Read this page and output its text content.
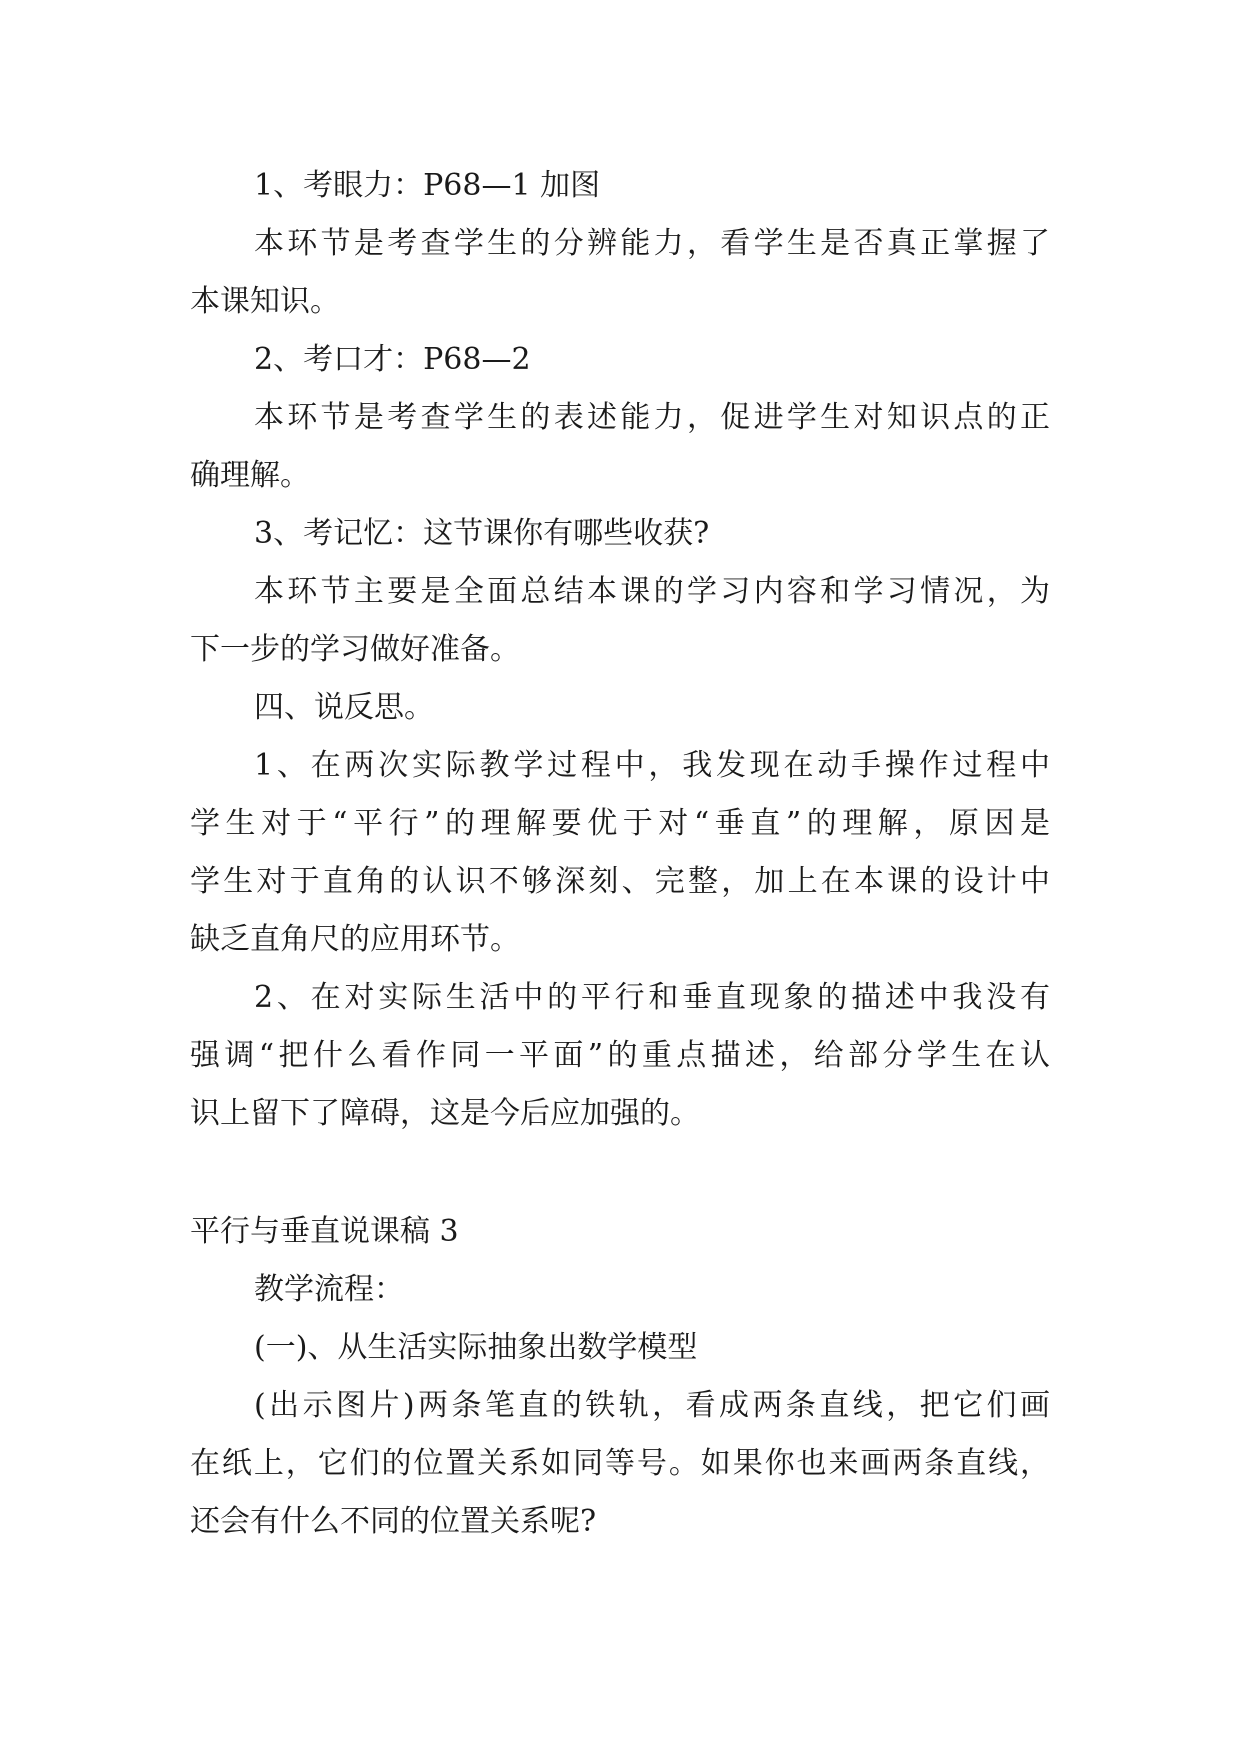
1、考眼力：P68—1 加图
本环节是考查学生的分辨能力，看学生是否真正掌握了
本课知识。
2、考口才：P68—2
本环节是考查学生的表述能力，促进学生对知识点的正
确理解。
3、考记忆：这节课你有哪些收获?
本环节主要是全面总结本课的学习内容和学习情况，为
下一步的学习做好准备。
四、说反思。
1、在两次实际教学过程中，我发现在动手操作过程中
学生对于“平行”的理解要优于对“垂直”的理解，原因是
学生对于直角的认识不够深刻、完整，加上在本课的设计中
缺乏直角尺的应用环节。
2、在对实际生活中的平行和垂直现象的描述中我没有
强调“把什么看作同一平面”的重点描述，给部分学生在认
识上留下了障碍，这是今后应加强的。
平行与垂直说课稿 3
教学流程：
(一)、从生活实际抽象出数学模型
(出示图片)两条笔直的铁轨，看成两条直线，把它们画
在纸上，它们的位置关系如同等号。如果你也来画两条直线，
还会有什么不同的位置关系呢?
